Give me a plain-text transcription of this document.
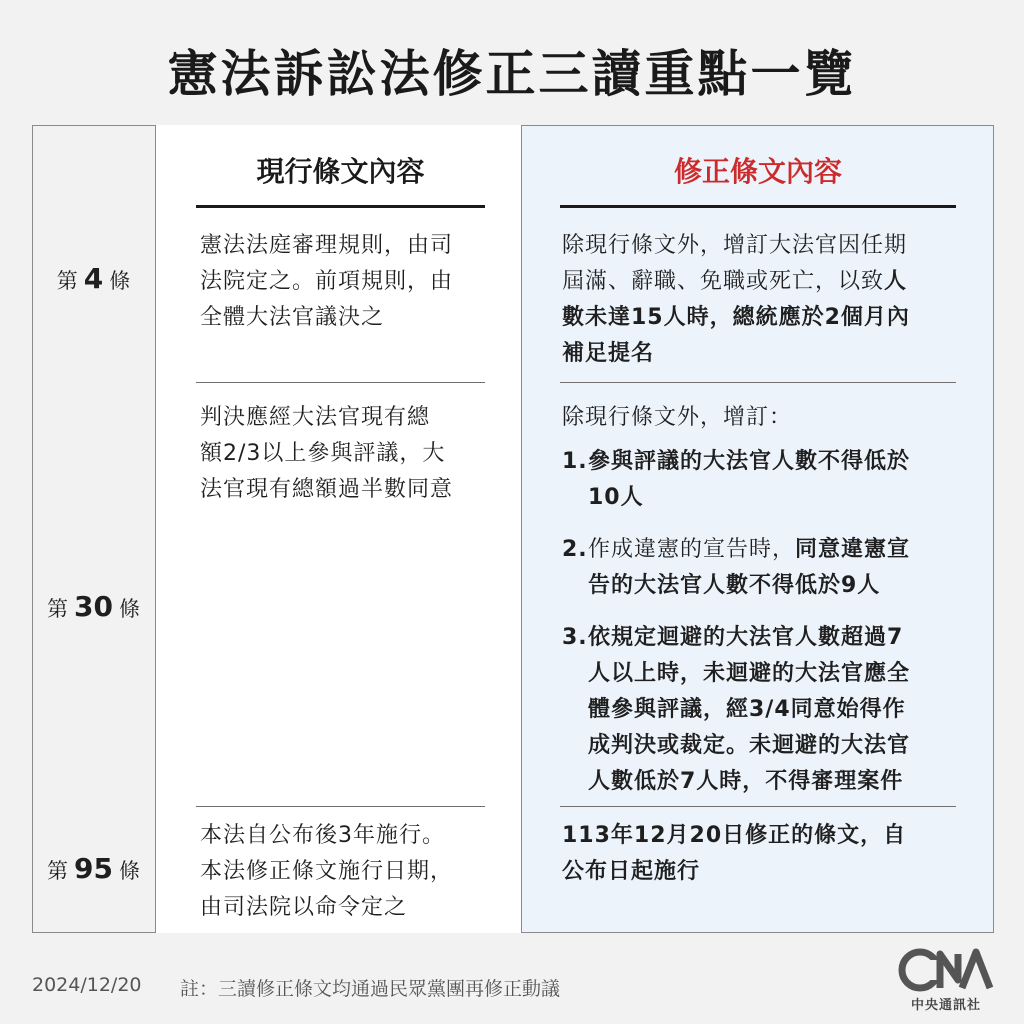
憲法訴訟法修正三讀重點一覽
現行條文內容	修正條文內容
第 4 條
憲法法庭審理規則，由司
法院定之。前項規則，由
全體大法官議決之
除現行條文外，增訂大法官因任期
屆滿、辭職、免職或死亡，以致人
數未達15人時，總統應於2個月內
補足提名
第 30 條
判決應經大法官現有總
額2/3以上參與評議，大
法官現有總額過半數同意
除現行條文外，增訂：
1. 參與評議的大法官人數不得低於
10人
2. 作成違憲的宣告時，同意違憲宣
告的大法官人數不得低於9人
3. 依規定迴避的大法官人數超過7
人以上時，未迴避的大法官應全
體參與評議，經3/4同意始得作
成判決或裁定。未迴避的大法官
人數低於7人時，不得審理案件
第 95 條
本法自公布後3年施行。
本法修正條文施行日期，
由司法院以命令定之
113年12月20日修正的條文，自
公布日起施行
2024/12/20 註：三讀修正條文均通過民眾黨團再修正動議
中央通訊社
